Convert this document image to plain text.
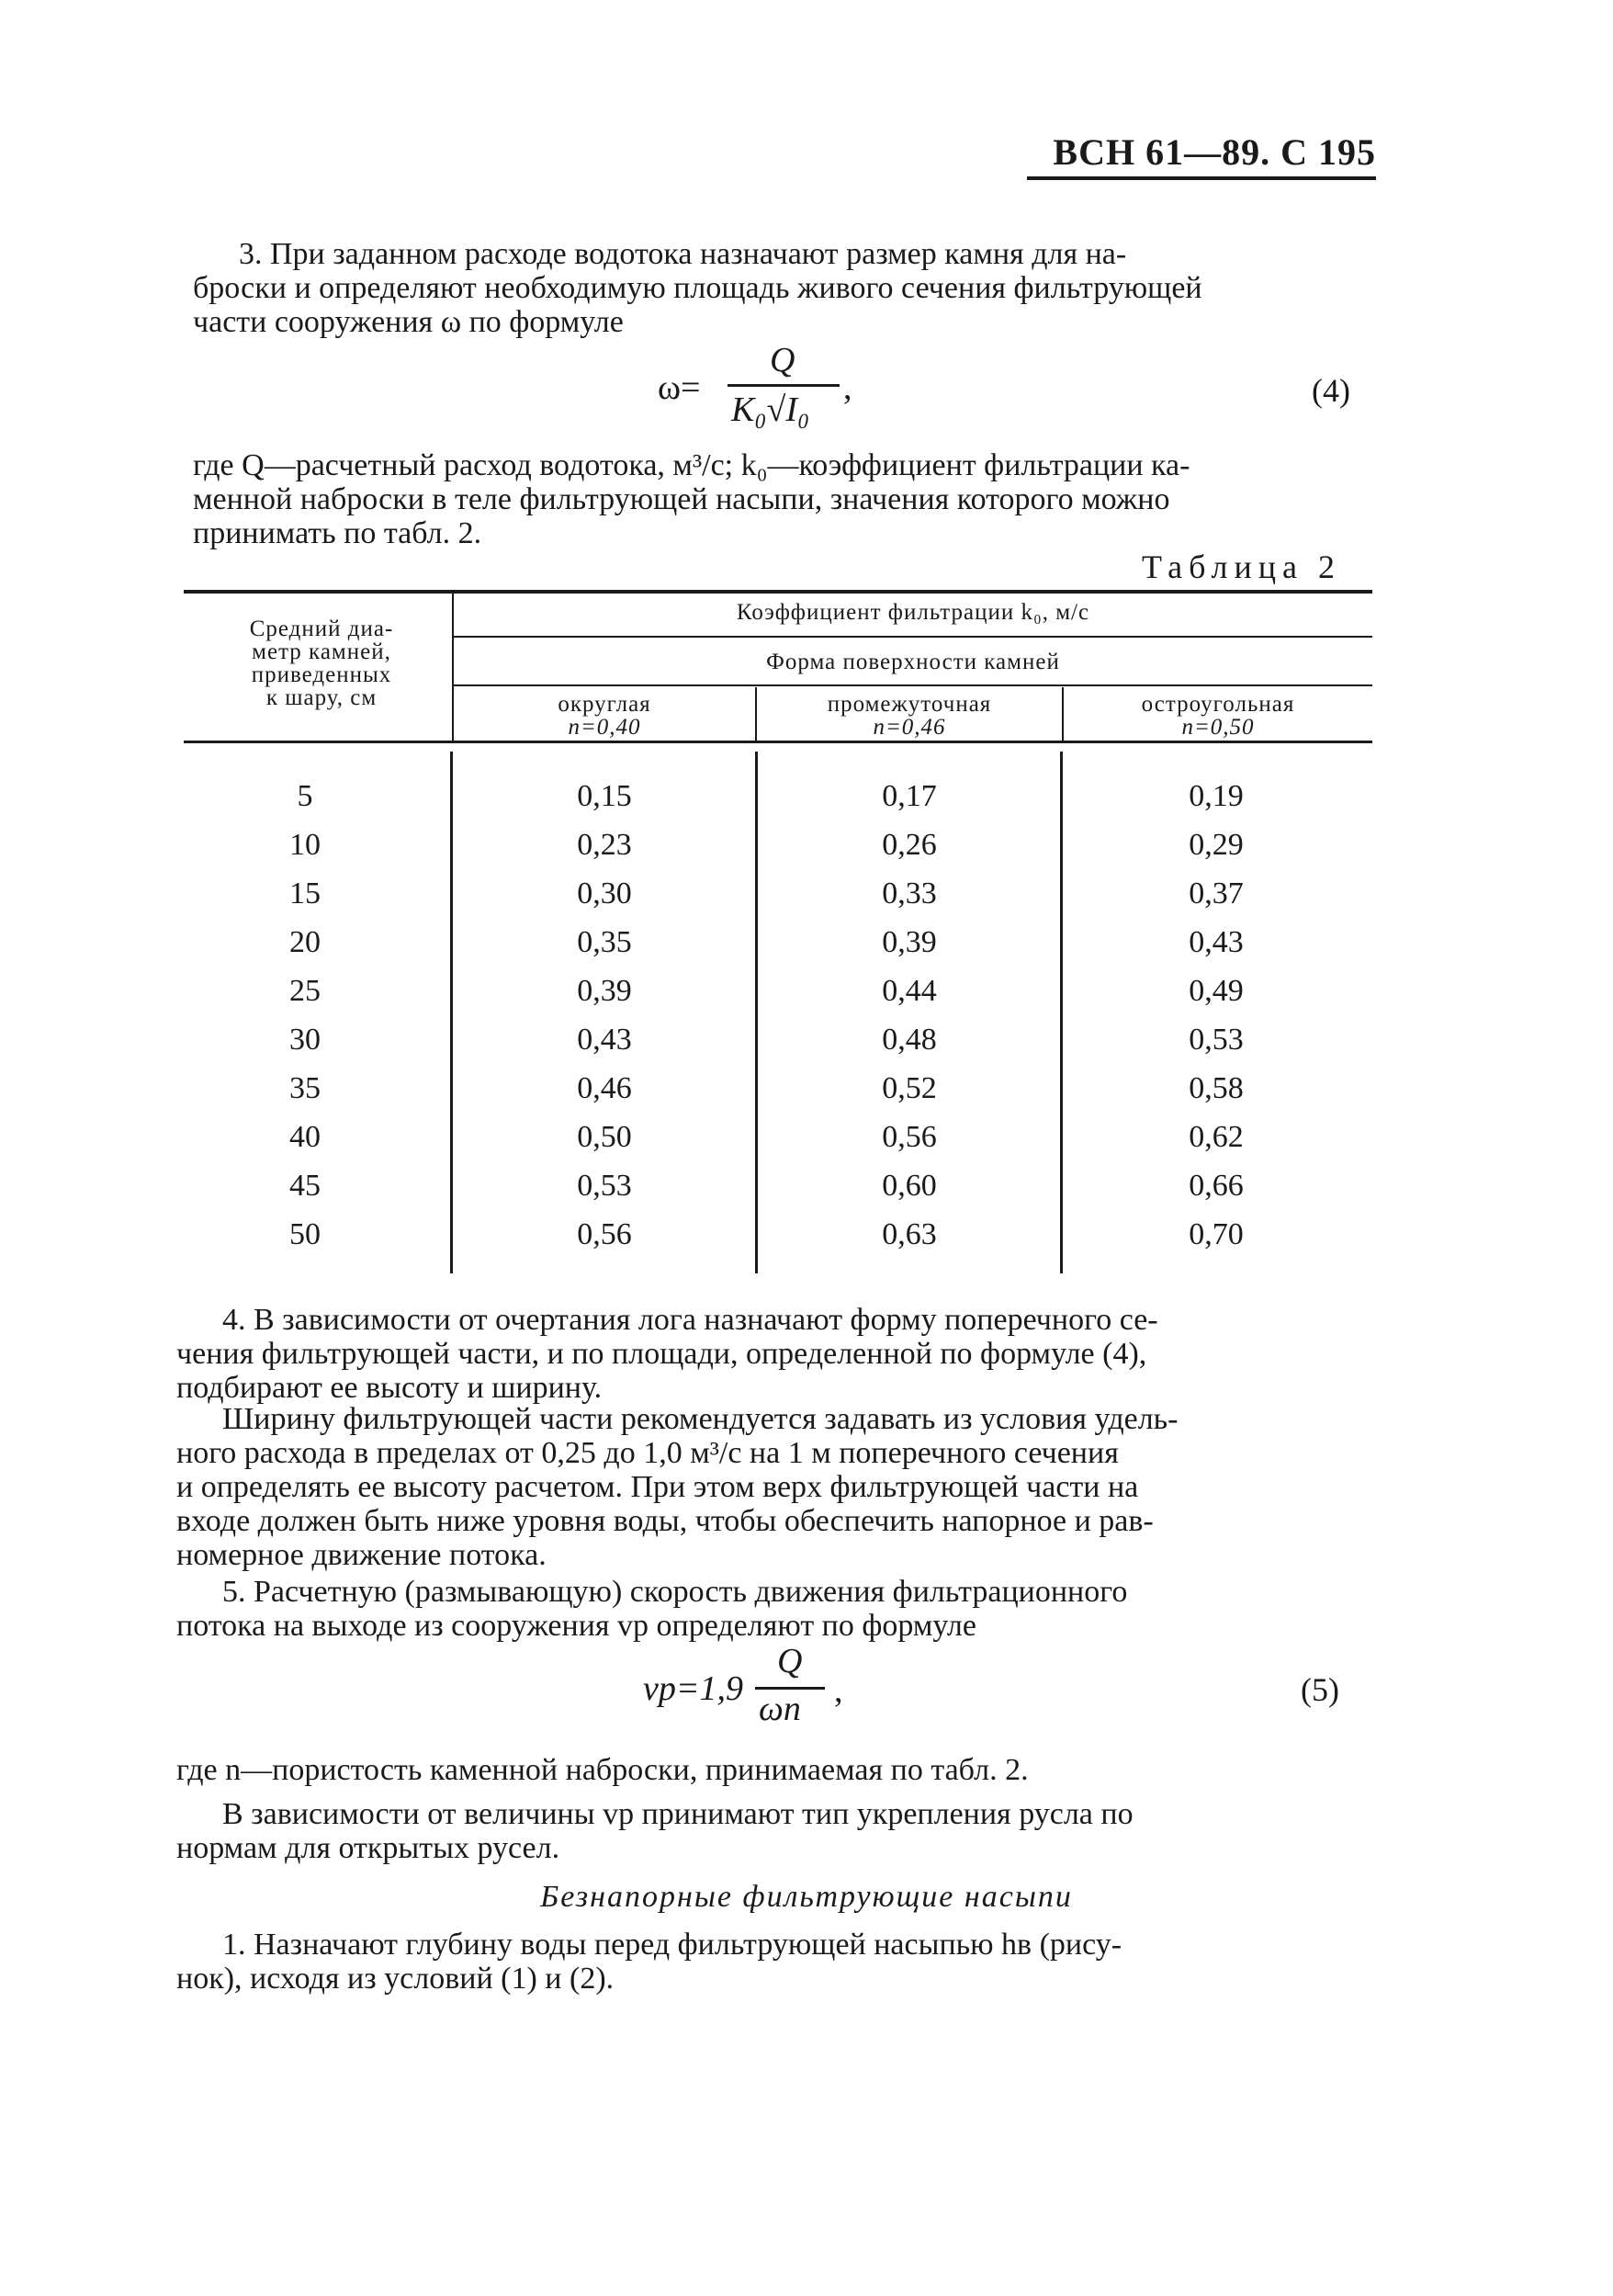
ВСН 61—89. С 195
3. При заданном расходе водотока назначают размер камня для на-
броски и определяют необходимую площадь живого сечения фильтрующей
части сооружения ω по формуле
ω=
Q
K₀√I₀
,	(4)
где Q—расчетный расход водотока, м³/с; k₀—коэффициент фильтрации ка-
менной наброски в теле фильтрующей насыпи, значения которого можно
принимать по табл. 2.
Таблица 2
Средний диа-
метр камней,
приведенных
к шару, см
Коэффициент фильтрации k₀, м/с
Форма поверхности камней
округлая
n=0,40
промежуточная
n=0,46
остроугольная
n=0,50
5	0,15	0,17	0,19
10	0,23	0,26	0,29
15	0,30	0,33	0,37
20	0,35	0,39	0,43
25	0,39	0,44	0,49
30	0,43	0,48	0,53
35	0,46	0,52	0,58
40	0,50	0,56	0,62
45	0,53	0,60	0,66
50	0,56	0,63	0,70
4. В зависимости от очертания лога назначают форму поперечного се-
чения фильтрующей части, и по площади, определенной по формуле (4),
подбирают ее высоту и ширину.
Ширину фильтрующей части рекомендуется задавать из условия удель-
ного расхода в пределах от 0,25 до 1,0 м³/с на 1 м поперечного сечения
и определять ее высоту расчетом. При этом верх фильтрующей части на
входе должен быть ниже уровня воды, чтобы обеспечить напорное и рав-
номерное движение потока.
5. Расчетную (размывающую) скорость движения фильтрационного
потока на выходе из сооружения vр определяют по формуле
vр=1,9
Q
ωn ,	(5)
где n—пористость каменной наброски, принимаемая по табл. 2.
В зависимости от величины vр принимают тип укрепления русла по
нормам для открытых русел.
Безнапорные фильтрующие насыпи
1. Назначают глубину воды перед фильтрующей насыпью hв (рису-
нок), исходя из условий (1) и (2).
